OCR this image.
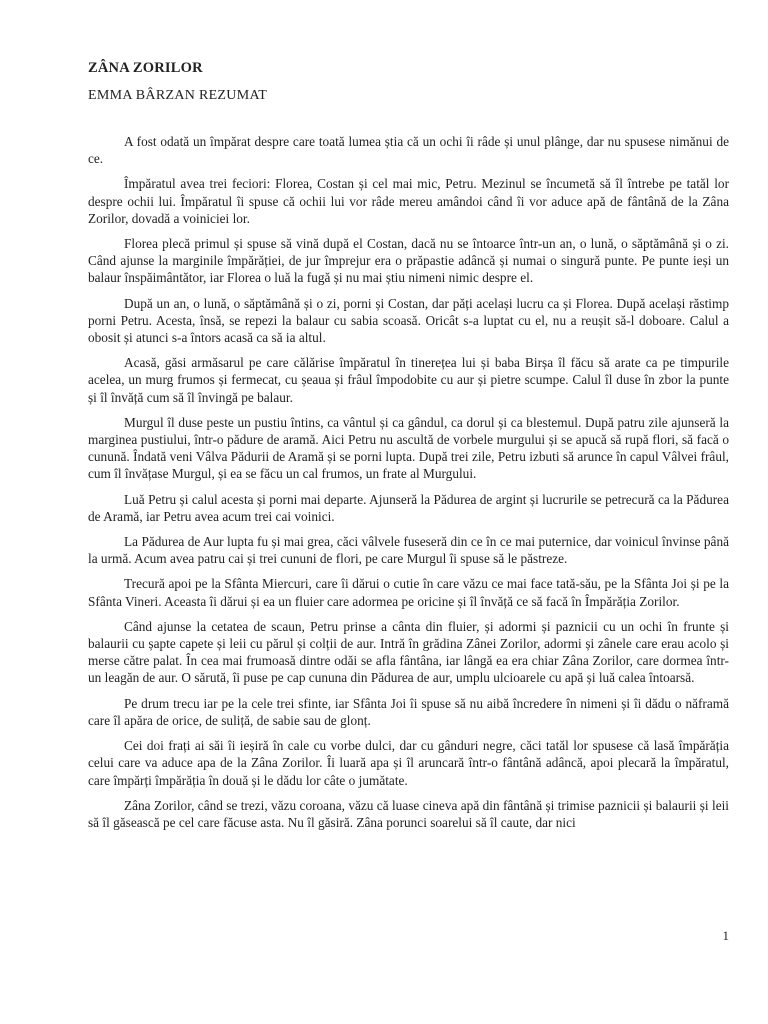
ZÂNA ZORILOR
EMMA BÂRZAN REZUMAT

A fost odată un împărat despre care toată lumea știa că un ochi îi râde și unul plânge, dar nu spusese nimănui de ce.

Împăratul avea trei feciori: Florea, Costan și cel mai mic, Petru. Mezinul se încumetă să îl întrebe pe tatăl lor despre ochii lui. Împăratul îi spuse că ochii lui vor râde mereu amândoi când îi vor aduce apă de fântână de la Zâna Zorilor, dovadă a voiniciei lor.

Florea plecă primul și spuse să vină după el Costan, dacă nu se întoarce într-un an, o lună, o săptămână și o zi. Când ajunse la marginile împărăției, de jur împrejur era o prăpastie adâncă și numai o singură punte. Pe punte ieși un balaur înspăimântător, iar Florea o luă la fugă și nu mai știu nimeni nimic despre el.

După un an, o lună, o săptămână și o zi, porni și Costan, dar păți același lucru ca și Florea. După același răstimp porni Petru. Acesta, însă, se repezi la balaur cu sabia scoasă. Oricât s-a luptat cu el, nu a reușit să-l doboare. Calul a obosit și atunci s-a întors acasă ca să ia altul.

Acasă, găsi armăsarul pe care călărise împăratul în tinerețea lui și baba Birșa îl făcu să arate ca pe timpurile acelea, un murg frumos și fermecat, cu șeaua și frâul împodobite cu aur și pietre scumpe. Calul îl duse în zbor la punte și îl învăță cum să îl învingă pe balaur.

Murgul îl duse peste un pustiu întins, ca vântul și ca gândul, ca dorul și ca blestemul. După patru zile ajunseră la marginea pustiului, într-o pădure de aramă. Aici Petru nu ascultă de vorbele murgului și se apucă să rupă flori, să facă o cunună. Îndată veni Vâlva Pădurii de Aramă și se porni lupta. După trei zile, Petru izbuti să arunce în capul Vâlvei frâul, cum îl învățase Murgul, și ea se făcu un cal frumos, un frate al Murgului.

Luă Petru și calul acesta și porni mai departe. Ajunseră la Pădurea de argint și lucrurile se petrecură ca la Pădurea de Aramă, iar Petru avea acum trei cai voinici.

La Pădurea de Aur lupta fu și mai grea, căci vâlvele fuseseră din ce în ce mai puternice, dar voinicul învinse până la urmă. Acum avea patru cai și trei cununi de flori, pe care Murgul îi spuse să le păstreze.

Trecură apoi pe la Sfânta Miercuri, care îi dărui o cutie în care văzu ce mai face tată-său, pe la Sfânta Joi și pe la Sfânta Vineri. Aceasta îi dărui și ea un fluier care adormea pe oricine și îl învăță ce să facă în Împărăția Zorilor.

Când ajunse la cetatea de scaun, Petru prinse a cânta din fluier, și adormi și paznicii cu un ochi în frunte și balaurii cu șapte capete și leii cu părul și colții de aur. Intră în grădina Zânei Zorilor, adormi și zânele care erau acolo și merse către palat. În cea mai frumoasă dintre odăi se afla fântâna, iar lângă ea era chiar Zâna Zorilor, care dormea într-un leagăn de aur. O sărută, îi puse pe cap cununa din Pădurea de aur, umplu ulcioarele cu apă și luă calea întoarsă.

Pe drum trecu iar pe la cele trei sfinte, iar Sfânta Joi îi spuse să nu aibă încredere în nimeni și îi dădu o năframă care îl apăra de orice, de suliță, de sabie sau de glonț.

Cei doi frați ai săi îi ieșiră în cale cu vorbe dulci, dar cu gânduri negre, căci tatăl lor spusese că lasă împărăția celui care va aduce apa de la Zâna Zorilor. Îi luară apa și îl aruncară într-o fântână adâncă, apoi plecară la împăratul, care împărți împărăția în două și le dădu lor câte o jumătate.

Zâna Zorilor, când se trezi, văzu coroana, văzu că luase cineva apă din fântână și trimise paznicii și balaurii și leii să îl găsească pe cel care făcuse asta. Nu îl găsiră. Zâna porunci soarelui să îl caute, dar nici

1
